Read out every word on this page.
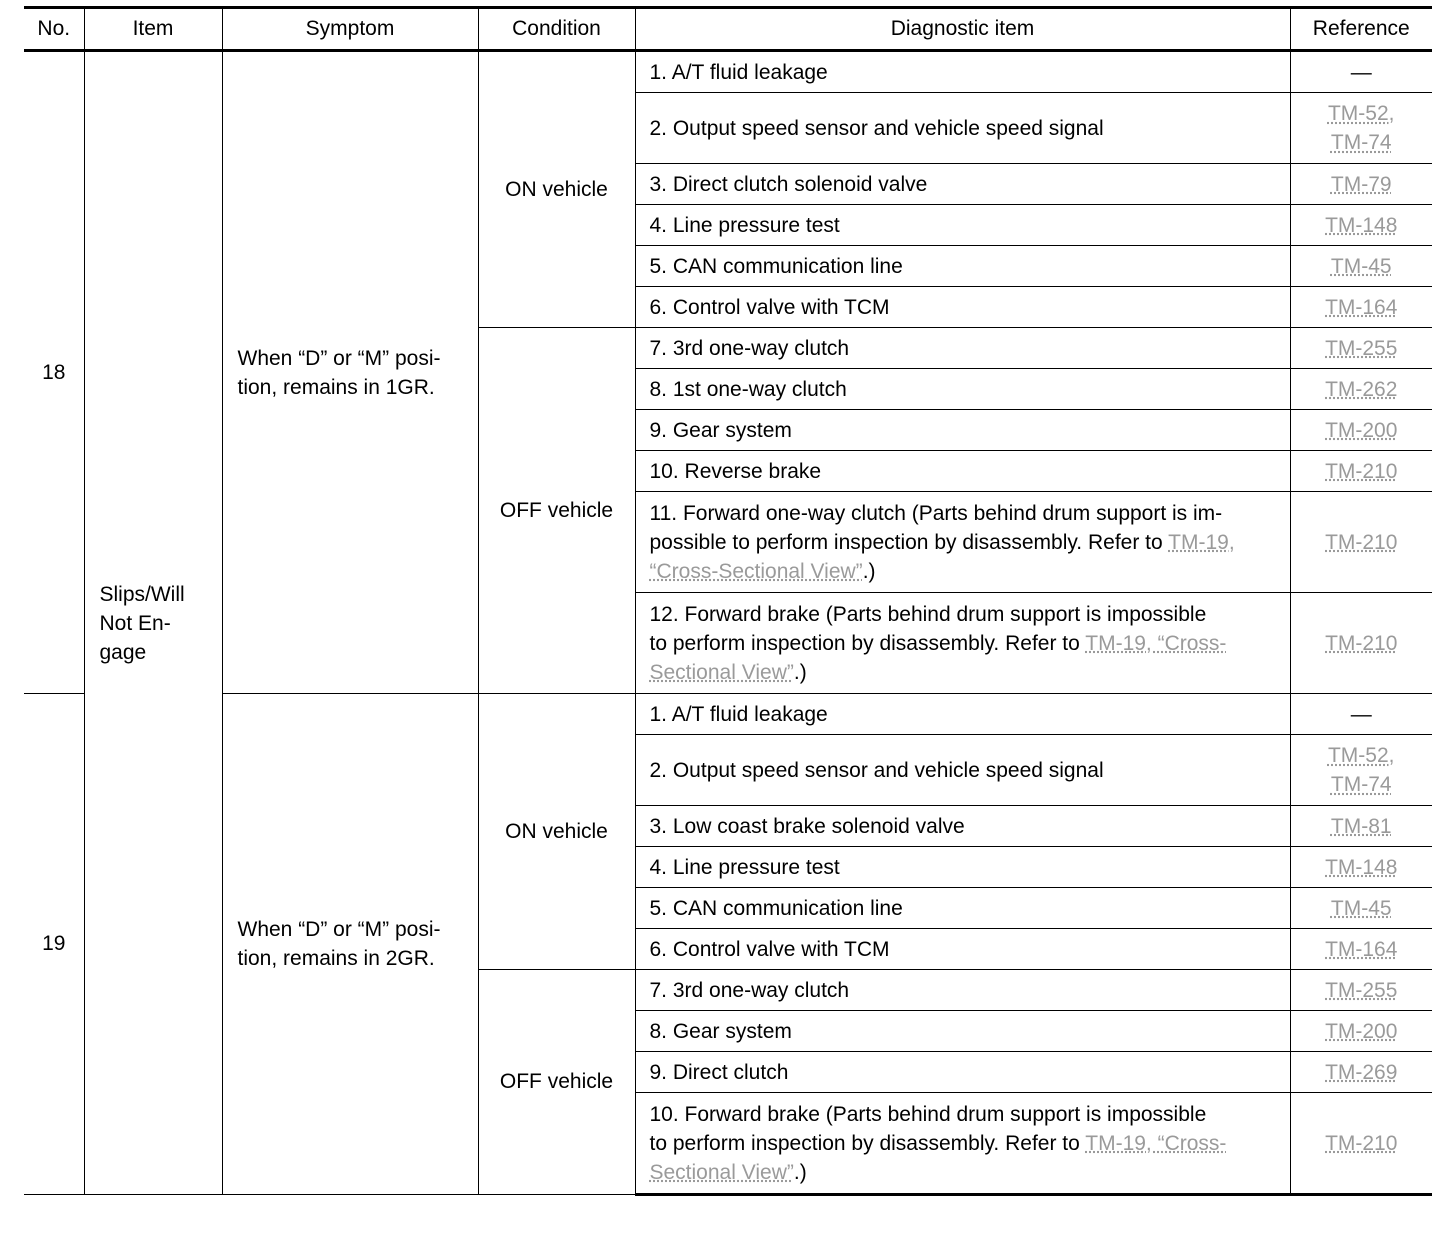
No.	Item	Symptom	Condition	Diagnostic item	Reference
18	Slips/Will
Not En-
gage	When “D” or “M” posi-
tion, remains in 1GR.	ON vehicle	1. A/T fluid leakage	—
				2. Output speed sensor and vehicle speed signal	TM-52,
TM-74
				3. Direct clutch solenoid valve	TM-79
				4. Line pressure test	TM-148
				5. CAN communication line	TM-45
				6. Control valve with TCM	TM-164
			OFF vehicle	7. 3rd one-way clutch	TM-255
				8. 1st one-way clutch	TM-262
				9. Gear system	TM-200
				10. Reverse brake	TM-210
				11. Forward one-way clutch (Parts behind drum support is im-
possible to perform inspection by disassembly. Refer to TM-19, “Cross-Sectional View”.)	TM-210
				12. Forward brake (Parts behind drum support is impossible
to perform inspection by disassembly. Refer to TM-19, “Cross-Sectional View”.)	TM-210
19		When “D” or “M” posi-
tion, remains in 2GR.	ON vehicle	1. A/T fluid leakage	—
				2. Output speed sensor and vehicle speed signal	TM-52,
TM-74
				3. Low coast brake solenoid valve	TM-81
				4. Line pressure test	TM-148
				5. CAN communication line	TM-45
				6. Control valve with TCM	TM-164
			OFF vehicle	7. 3rd one-way clutch	TM-255
				8. Gear system	TM-200
				9. Direct clutch	TM-269
				10. Forward brake (Parts behind drum support is impossible
to perform inspection by disassembly. Refer to TM-19, “Cross-Sectional View”.)	TM-210
